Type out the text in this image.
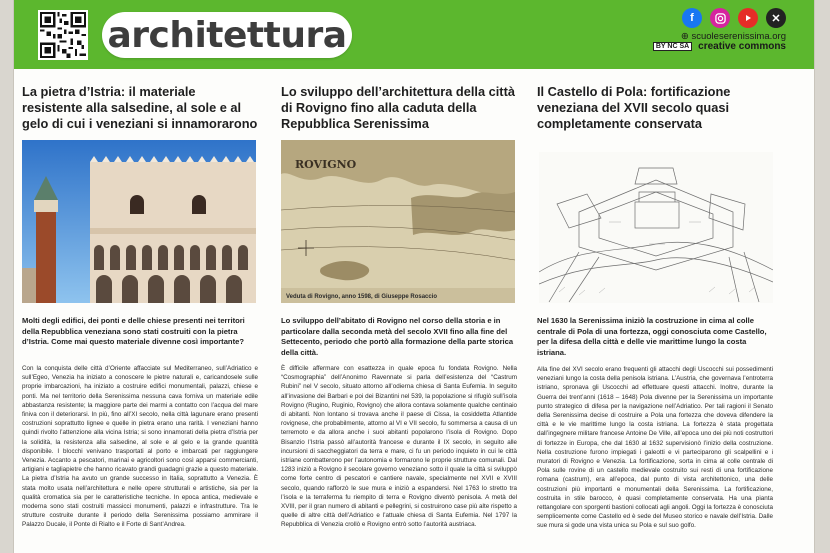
architettura	f	✕
⊕ scuoleserenissima.org
BY NC SA creative commons
La pietra d’Istria: il materiale resistente alla salsedine, al sole e al gelo di cui i veneziani si innamorarono
Molti degli edifici, dei ponti e delle chiese presenti nei territori della Repubblica veneziana sono stati costruiti con la pietra d’Istria. Come mai questo materiale divenne così importante?
Con la conquista delle città d’Oriente affacciate sul Mediterraneo, sull’Adriatico e sull’Egeo, Venezia ha iniziato a conoscere le pietre naturali e, caricandosele sulle proprie imbarcazioni, ha iniziato a costruire edifici monumentali, palazzi, chiese e ponti. Ma nel territorio della Serenissima nessuna cava forniva un materiale edile abbastanza resistente; la maggiore parte dei marmi a contatto con l’acqua del mare finiva con il deteriorarsi. In più, fino all’XI secolo, nella città lagunare erano presenti costruzioni soprattutto lignee e quelle in pietra erano una rarità. I veneziani hanno quindi rivolto l’attenzione alla vicina Istria; si sono innamorati della pietra d’Istria per la solidità, la resistenza alla salsedine, al sole e al gelo e la grande quantità disponibile. I blocchi venivano trasportati al porto e imbarcati per raggiungere Venezia. Accanto a pescatori, marinai e agricoltori sono così apparsi commercianti, artigiani e tagliapietre che hanno ricavato grandi guadagni grazie a questo materiale. La pietra d’Istria ha avuto un grande successo in Italia, soprattutto a Venezia. È stata molto usata nell’architettura e nelle opere strutturali e artistiche, sia per la qualità cromatica sia per le caratteristiche tecniche. In epoca antica, medievale e moderna sono stati costruiti massicci monumenti, palazzi e infrastrutture. Tra le strutture costruite durante il periodo della Serenissima possiamo ammirare il Palazzo Ducale, il Ponte di Rialto e il Forte di Sant’Andrea.
Lo sviluppo dell’architettura della città di Rovigno fino alla caduta della Repubblica Serenissima
ROVIGNO
Veduta di Rovigno, anno 1598, di Giuseppe Rosaccio
Lo sviluppo dell’abitato di Rovigno nel corso della storia e in particolare dalla seconda metà del secolo XVII fino alla fine del Settecento, periodo che portò alla formazione della parte storica della città.
È difficile affermare con esattezza in quale epoca fu fondata Rovigno. Nella “Cosmographia” dell’Anonimo Ravennate si parla dell’esistenza del “Castrum Rubini” nel V secolo, situato attorno all’odierna chiesa di Santa Eufemia. In seguito all’invasione dei Barbari e poi dei Bizantini nel 539, la popolazione si rifugiò sull’isola Rovigno (Rugino, Ruginio, Rovigno) che allora contava solamente qualche centinaio di abitanti. Non lontano si trovava anche il paese di Cissa, la cosiddetta Atlantide rovignese, che probabilmente, attorno al VI e VII secolo, fu sommersa a causa di un terremoto e da allora anche i suoi abitanti popolarono l’isola di Rovigno. Dopo Bisanzio l’Istria passò all’autorità francese e durante il IX secolo, in seguito alle incursioni di saccheggiatori da terra e mare, ci fu un periodo inquieto in cui le città istriane combatterono per l’autonomia e formarono le proprie strutture comunali. Dal 1283 iniziò a Rovigno il secolare governo veneziano sotto il quale la città si sviluppò come forte centro di pescatori e cantiere navale, specialmente nel XVII e XVIII secolo, quando rafforzò le sue mura e iniziò a espandersi. Nel 1763 lo stretto tra l’isola e la terraferma fu riempito di terra e Rovigno diventò penisola. A metà del XVIII, per il gran numero di abitanti e pellegrini, si costruirono case più alte rispetto a quelle di altre città dell’Adriatico e l’attuale chiesa di Santa Eufemia. Nel 1797 la Repubblica di Venezia crollò e Rovigno entrò sotto l’autorità austriaca.
Il Castello di Pola: fortificazione veneziana del XVII secolo quasi completamente conservata
Nel 1630 la Serenissima iniziò la costruzione in cima al colle centrale di Pola di una fortezza, oggi conosciuta come Castello, per la difesa della città e delle vie marittime lungo la costa istriana.
Alla fine del XVI secolo erano frequenti gli attacchi degli Uscocchi sui possedimenti veneziani lungo la costa della penisola istriana. L’Austria, che governava l’entroterra istriano, spronava gli Uscocchi ad effettuare questi attacchi. Inoltre, durante la Guerra dei trent’anni (1618 – 1648) Pola divenne per la Serenissima un importante punto strategico di difesa per la navigazione nell’Adriatico. Per tali ragioni il Senato della Serenissima decise di costruire a Pola una fortezza che doveva difendere la città e le vie marittime lungo la costa istriana. La fortezza è stata progettata dall’ingegnere militare francese Antoine De Ville, all’epoca uno dei più noti costruttori di fortezze in Europa, che dal 1630 al 1632 supervisionò l’inizio della costruzione. Nella costruzione furono impiegati i galeotti e vi parteciparono gli scalpellini e i muratori di Rovigno e Venezia. La fortificazione, sorta in cima al colle centrale di Pola sulle rovine di un castello medievale costruito sui resti di una fortificazione romana (castrum), era all’epoca, dal punto di vista architettonico, una delle costruzioni più importanti e monumentali della Serenissima. La fortificazione, costruita in stile barocco, è quasi completamente conservata. Ha una pianta rettangolare con sporgenti bastioni collocati agli angoli. Oggi la fortezza è conosciuta semplicemente come Castello ed è sede del Museo storico e navale dell’Istria. Dalle sue mura si gode una vista unica su Pola e sul suo golfo.
